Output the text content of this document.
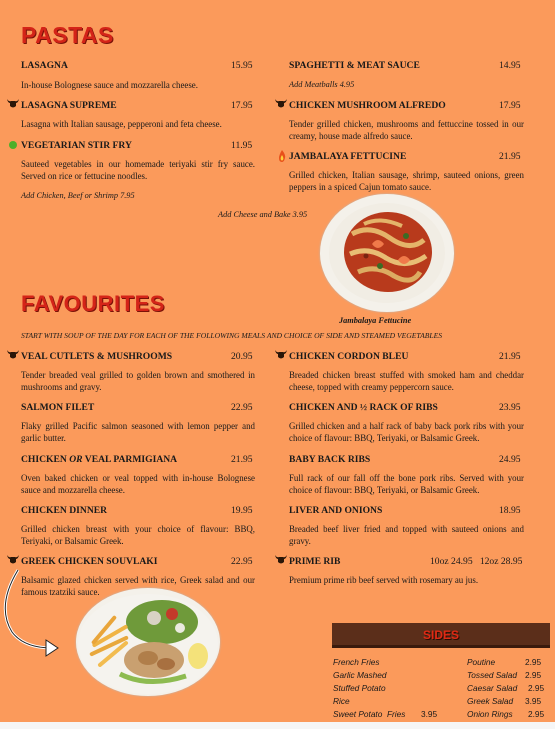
PASTAS
LASAGNA	15.95
In-house Bolognese sauce and mozzarella cheese.
LASAGNA SUPREME	17.95
Lasagna with Italian sausage, pepperoni and feta cheese.
VEGETARIAN STIR FRY	11.95
Sauteed vegetables in our homemade teriyaki stir fry sauce. Served on rice or fettucine noodles.
Add Chicken, Beef or Shrimp 7.95
SPAGHETTI & MEAT SAUCE	14.95
Add Meatballs 4.95
CHICKEN MUSHROOM ALFREDO	17.95
Tender grilled chicken, mushrooms and fettuccine tossed in our creamy, house made alfredo sauce.
JAMBALAYA FETTUCINE	21.95
Grilled chicken, Italian sausage, shrimp, sauteed onions, green peppers in a spiced Cajun tomato sauce.
Add Cheese and Bake 3.95
Jambalaya Fettucine
FAVOURITES
START WITH SOUP OF THE DAY FOR EACH OF THE FOLLOWING MEALS AND CHOICE OF SIDE AND STEAMED VEGETABLES
VEAL CUTLETS & MUSHROOMS	20.95
Tender breaded veal grilled to golden brown and smothered in mushrooms and gravy.
SALMON FILET	22.95
Flaky grilled Pacific salmon seasoned with lemon pepper and garlic butter.
CHICKEN OR VEAL PARMIGIANA	21.95
Oven baked chicken or veal topped with in-house Bolognese sauce and mozzarella cheese.
CHICKEN DINNER	19.95
Grilled chicken breast with your choice of flavour: BBQ, Teriyaki, or Balsamic Greek.
GREEK CHICKEN SOUVLAKI	22.95
Balsamic glazed chicken served with rice, Greek salad and our famous tzatziki sauce.
CHICKEN CORDON BLEU	21.95
Breaded chicken breast stuffed with smoked ham and cheddar cheese, topped with creamy peppercorn sauce.
CHICKEN AND ½ RACK OF RIBS	23.95
Grilled chicken and a half rack of baby back pork ribs with your choice of flavour: BBQ, Teriyaki, or Balsamic Greek.
BABY BACK RIBS	24.95
Full rack of our fall off the bone pork ribs. Served with your choice of flavour: BBQ, Teriyaki, or Balsamic Greek.
LIVER AND ONIONS	18.95
Breaded beef liver fried and topped with sauteed onions and gravy.
PRIME RIB	10oz 24.95   12oz 28.95
Premium prime rib beef served with rosemary au jus.
SIDES
French Fries
Garlic Mashed
Stuffed Potato
Rice
Sweet Potato  Fries 3.95
Poutine	2.95
Tossed Salad 2.95
Caesar Salad 2.95
Greek Salad 3.95
Onion Rings 2.95
